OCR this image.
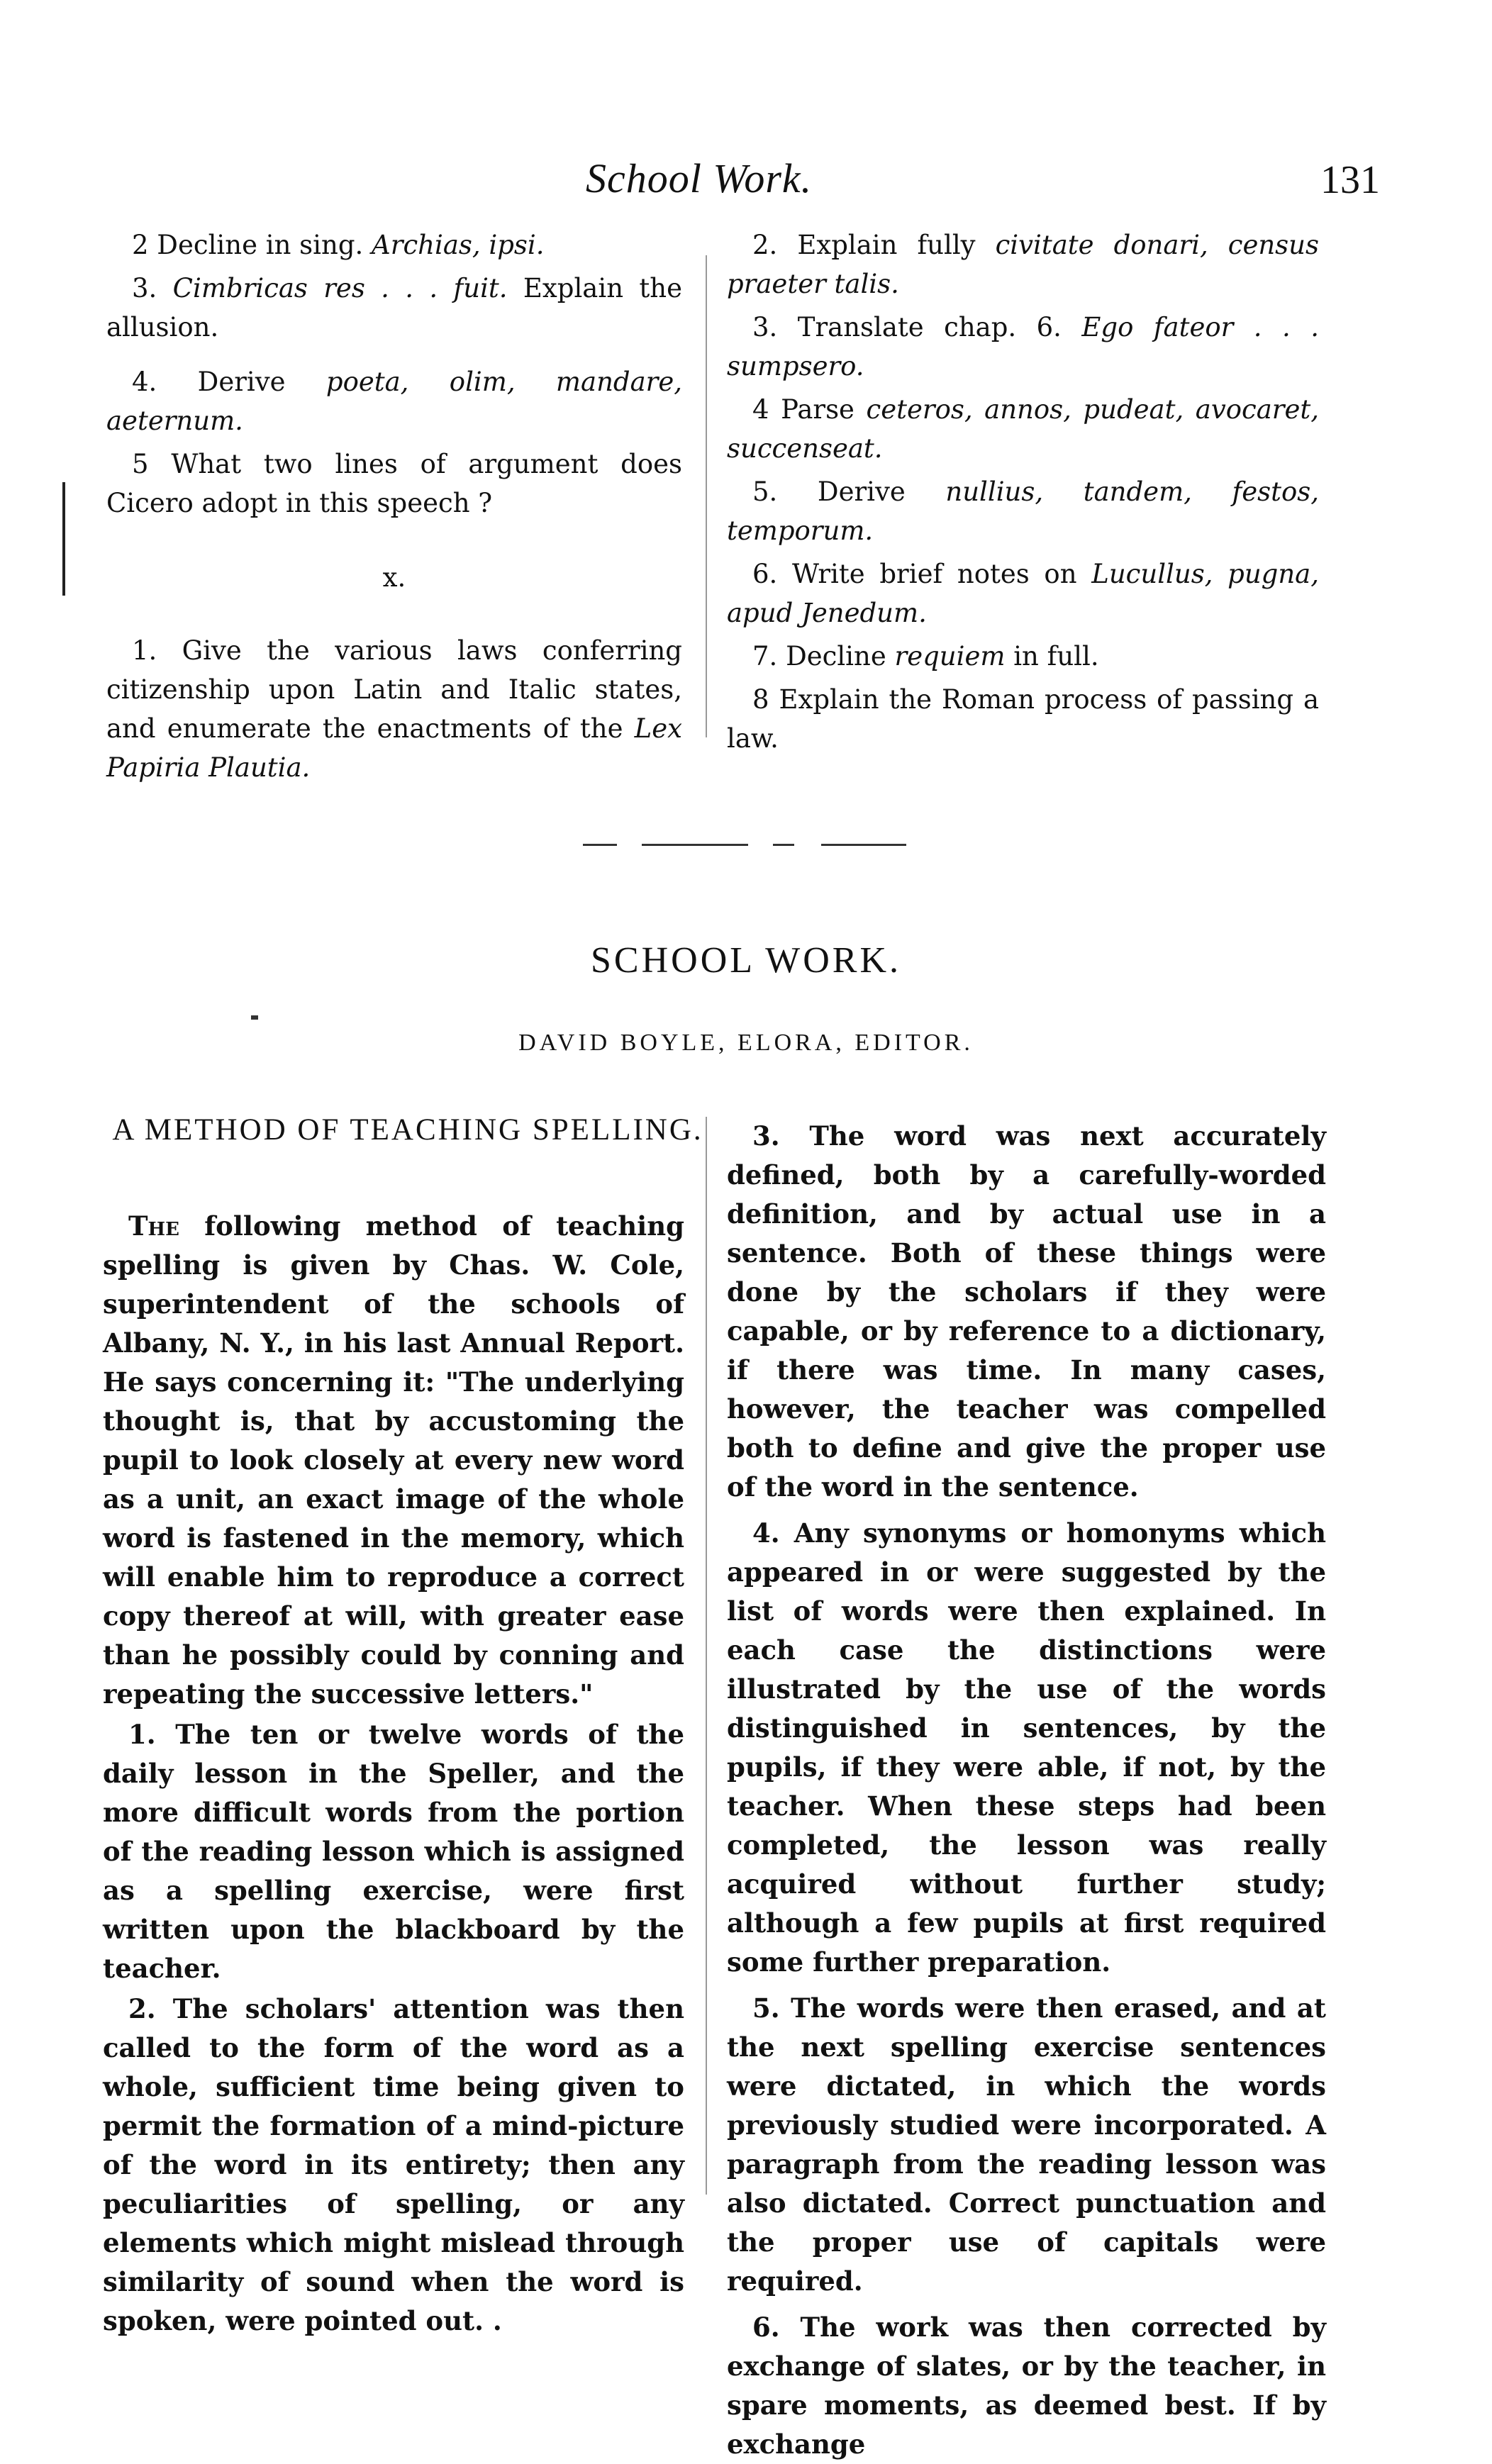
School Work.	131

2 Decline in sing. Archias, ipsi.

3. Cimbricas res . . . fuit. Explain the allusion.

4. Derive poeta, olim, mandare, aeternum.

5 What two lines of argument does Cicero adopt in this speech ?

x.

1. Give the various laws conferring citizenship upon Latin and Italic states, and enumerate the enactments of the Lex Papiria Plautia.

2. Explain fully civitate donari, census praeter talis.

3. Translate chap. 6. Ego fateor . . . sumpsero.

4 Parse ceteros, annos, pudeat, avocaret, succenseat.

5. Derive nullius, tandem, festos, temporum.

6. Write brief notes on Lucullus, pugna, apud Jenedum.

7. Decline requiem in full.

8 Explain the Roman process of passing a law.

SCHOOL WORK.
DAVID BOYLE, ELORA, EDITOR.
A METHOD OF TEACHING SPELLING.

The following method of teaching spelling is given by Chas. W. Cole, superintendent of the schools of Albany, N. Y., in his last Annual Report. He says concerning it: "The underlying thought is, that by accustoming the pupil to look closely at every new word as a unit, an exact image of the whole word is fastened in the memory, which will enable him to reproduce a correct copy thereof at will, with greater ease than he possibly could by conning and repeating the successive letters."

1. The ten or twelve words of the daily lesson in the Speller, and the more difficult words from the portion of the reading lesson which is assigned as a spelling exercise, were first written upon the blackboard by the teacher.

2. The scholars' attention was then called to the form of the word as a whole, sufficient time being given to permit the formation of a mind-picture of the word in its entirety; then any peculiarities of spelling, or any elements which might mislead through similarity of sound when the word is spoken, were pointed out. .

3. The word was next accurately defined, both by a carefully-worded definition, and by actual use in a sentence. Both of these things were done by the scholars if they were capable, or by reference to a dictionary, if there was time. In many cases, however, the teacher was compelled both to define and give the proper use of the word in the sentence.

4. Any synonyms or homonyms which appeared in or were suggested by the list of words were then explained. In each case the distinctions were illustrated by the use of the words distinguished in sentences, by the pupils, if they were able, if not, by the teacher. When these steps had been completed, the lesson was really acquired without further study; although a few pupils at first required some further preparation.

5. The words were then erased, and at the next spelling exercise sentences were dictated, in which the words previously studied were incorporated. A paragraph from the reading lesson was also dictated. Correct punctuation and the proper use of capitals were required.

6. The work was then corrected by exchange of slates, or by the teacher, in spare moments, as deemed best. If by exchange
